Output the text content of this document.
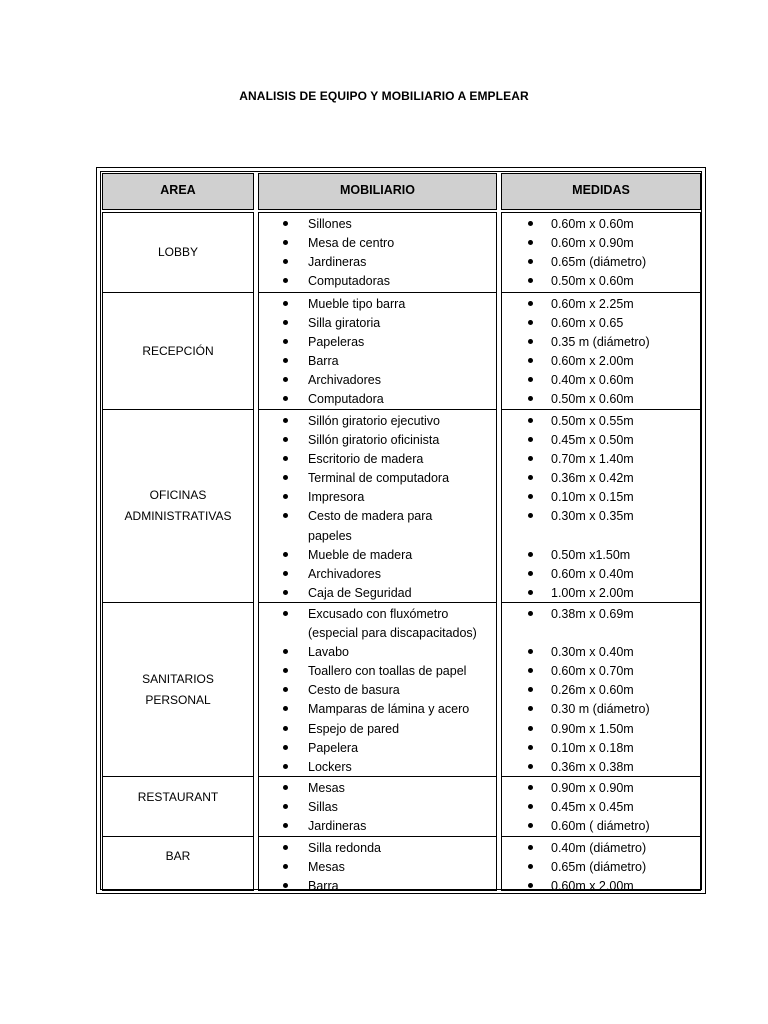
ANALISIS DE EQUIPO Y MOBILIARIO A EMPLEAR
AREA	MOBILIARIO	MEDIDAS
LOBBY
Sillones
Mesa de centro
Jardineras
Computadoras
0.60m x 0.60m
0.60m x 0.90m
0.65m (diámetro)
0.50m x 0.60m
RECEPCIÓN
Mueble tipo barra
Silla giratoria
Papeleras
Barra
Archivadores
Computadora
0.60m x 2.25m
0.60m x 0.65
0.35 m (diámetro)
0.60m x 2.00m
0.40m x 0.60m
0.50m x 0.60m
OFICINAS
ADMINISTRATIVAS
Sillón giratorio ejecutivo
Sillón giratorio oficinista
Escritorio de madera
Terminal de computadora
Impresora
Cesto de madera para papeles
Mueble de madera
Archivadores
Caja de Seguridad
0.50m x 0.55m
0.45m x 0.50m
0.70m x 1.40m
0.36m x 0.42m
0.10m x 0.15m
0.30m x 0.35m
0.50m x1.50m
0.60m x 0.40m
1.00m x 2.00m
SANITARIOS
PERSONAL
Excusado con fluxómetro (especial para discapacitados)
Lavabo
Toallero con toallas de papel
Cesto de basura
Mamparas de lámina y acero
Espejo de pared
Papelera
Lockers
0.38m x 0.69m
0.30m x 0.40m
0.60m x 0.70m
0.26m x 0.60m
0.30 m (diámetro)
0.90m x 1.50m
0.10m x 0.18m
0.36m x 0.38m
RESTAURANT
Mesas
Sillas
Jardineras
0.90m x 0.90m
0.45m x 0.45m
0.60m ( diámetro)
BAR
Silla redonda
Mesas
Barra
0.40m (diámetro)
0.65m (diámetro)
0.60m x 2.00m
